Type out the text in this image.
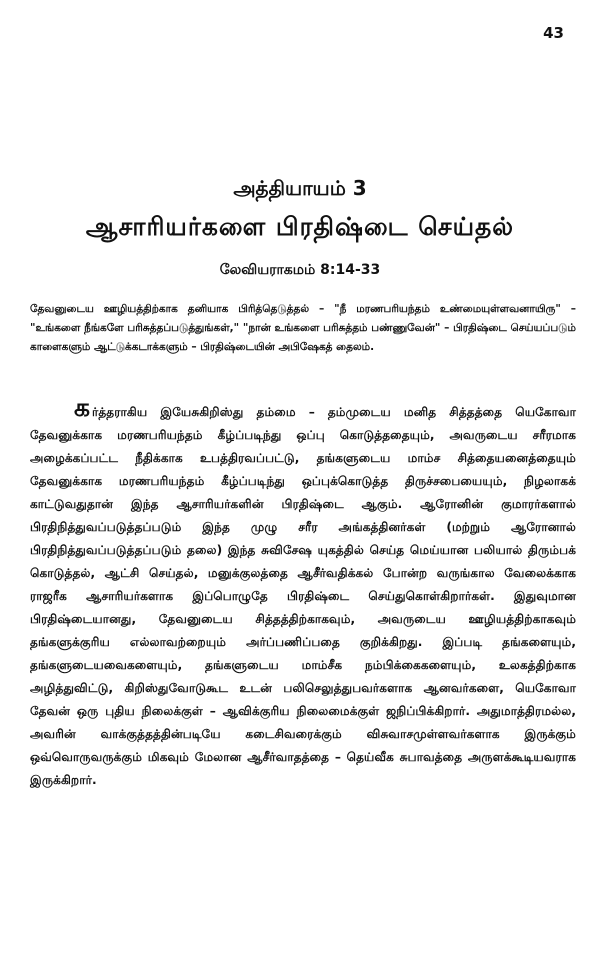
43
அத்தியாயம் 3
ஆசாரியர்களை பிரதிஷ்டை செய்தல்
லேவியராகமம் 8:14-33

தேவனுடைய ஊழியத்திற்காக தனியாக பிரித்தெடுத்தல் – "நீ மரணபரியந்தம் உண்மையுள்ளவனாயிரு" – "உங்களை நீங்களே பரிசுத்தப்படுத்துங்கள்," "நான் உங்களை பரிசுத்தம் பண்ணுவேன்" – பிரதிஷ்டை செய்யப்படும் காளைகளும் ஆட்டுக்கடாக்களும் – பிரதிஷ்டையின் அபிஷேகத் தைலம்.

கர்த்தராகிய இயேசுகிறிஸ்து தம்மை – தம்முடைய மனித சித்தத்தை யெகோவா தேவனுக்காக மரணபரியந்தம் கீழ்ப்படிந்து ஒப்பு கொடுத்ததையும், அவருடைய சரீரமாக அழைக்கப்பட்ட நீதிக்காக உபத்திரவப்பட்டு, தங்களுடைய மாம்ச சித்தையனைத்தையும் தேவனுக்காக மரணபரியந்தம் கீழ்ப்படிந்து ஒப்புக்கொடுத்த திருச்சபையையும், நிழலாகக் காட்டுவதுதான் இந்த ஆசாரியர்களின் பிரதிஷ்டை ஆகும். ஆரோனின் குமாரர்களால் பிரதிநித்துவப்படுத்தப்படும் இந்த முழு சரீர அங்கத்தினர்கள் (மற்றும் ஆரோனால் பிரதிநித்துவப்படுத்தப்படும் தலை) இந்த சுவிசேஷ யுகத்தில் செய்த மெய்யான பலியால் திரும்பக் கொடுத்தல், ஆட்சி செய்தல், மனுக்குலத்தை ஆசீர்வதிக்கல் போன்ற வருங்கால வேலைக்காக ராஜரீக ஆசாரியர்களாக இப்பொழுதே பிரதிஷ்டை செய்துகொள்கிறார்கள். இதுவுமான பிரதிஷ்டையானது, தேவனுடைய சித்தத்திற்காகவும், அவருடைய ஊழியத்திற்காகவும் தங்களுக்குரிய எல்லாவற்றையும் அர்ப்பணிப்பதை குறிக்கிறது. இப்படி தங்களையும், தங்களுடையவைகளையும், தங்களுடைய மாம்சீக நம்பிக்கைகளையும், உலகத்திற்காக அழித்துவிட்டு, கிறிஸ்துவோடுகூட உடன் பலிசெலுத்துபவர்களாக ஆனவர்களை, யெகோவா தேவன் ஒரு புதிய நிலைக்குள் – ஆவிக்குரிய நிலைமைக்குள் ஜநிப்பிக்கிறார். அதுமாத்திரமல்ல, அவரின் வாக்குத்தத்தின்படியே கடைசிவரைக்கும் விசுவாசமுள்ளவர்களாக இருக்கும் ஒவ்வொருவருக்கும் மிகவும் மேலான ஆசீர்வாதத்தை – தெய்வீக சுபாவத்தை அருளக்கூடியவராக இருக்கிறார்.
